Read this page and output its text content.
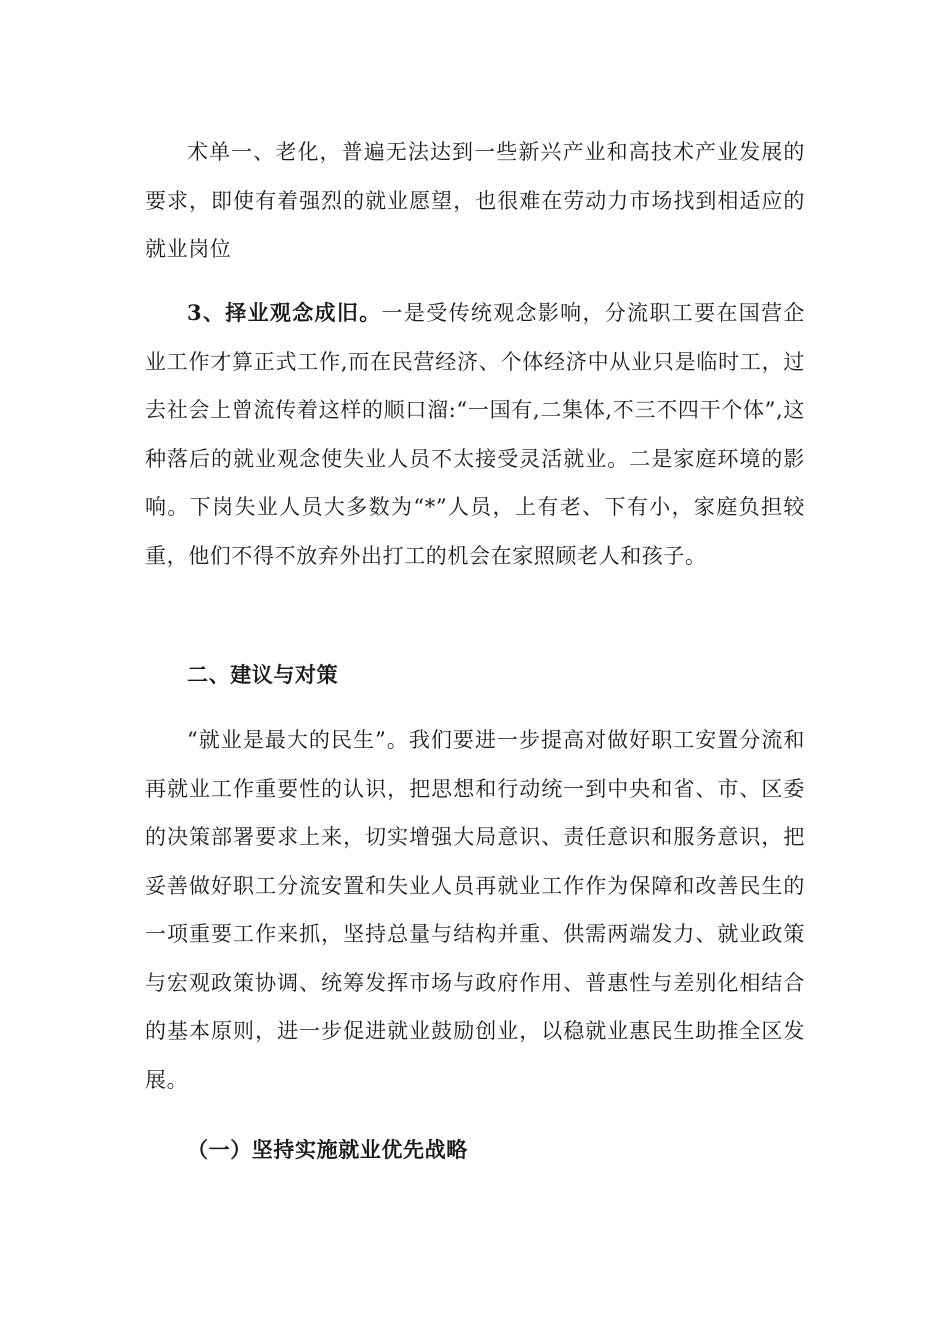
术单一、老化，普遍无法达到一些新兴产业和高技术产业发展的要求，即使有着强烈的就业愿望，也很难在劳动力市场找到相适应的就业岗位

3、择业观念成旧。一是受传统观念影响，分流职工要在国营企业工作才算正式工作,而在民营经济、个体经济中从业只是临时工，过去社会上曾流传着这样的顺口溜:“一国有,二集体,不三不四干个体”,这种落后的就业观念使失业人员不太接受灵活就业。二是家庭环境的影响。下岗失业人员大多数为“*”人员，上有老、下有小，家庭负担较重，他们不得不放弃外出打工的机会在家照顾老人和孩子。

二、建议与对策

“就业是最大的民生”。我们要进一步提高对做好职工安置分流和再就业工作重要性的认识，把思想和行动统一到中央和省、市、区委的决策部署要求上来，切实增强大局意识、责任意识和服务意识，把妥善做好职工分流安置和失业人员再就业工作作为保障和改善民生的一项重要工作来抓，坚持总量与结构并重、供需两端发力、就业政策与宏观政策协调、统筹发挥市场与政府作用、普惠性与差别化相结合的基本原则，进一步促进就业鼓励创业，以稳就业惠民生助推全区发展。

（一）坚持实施就业优先战略
